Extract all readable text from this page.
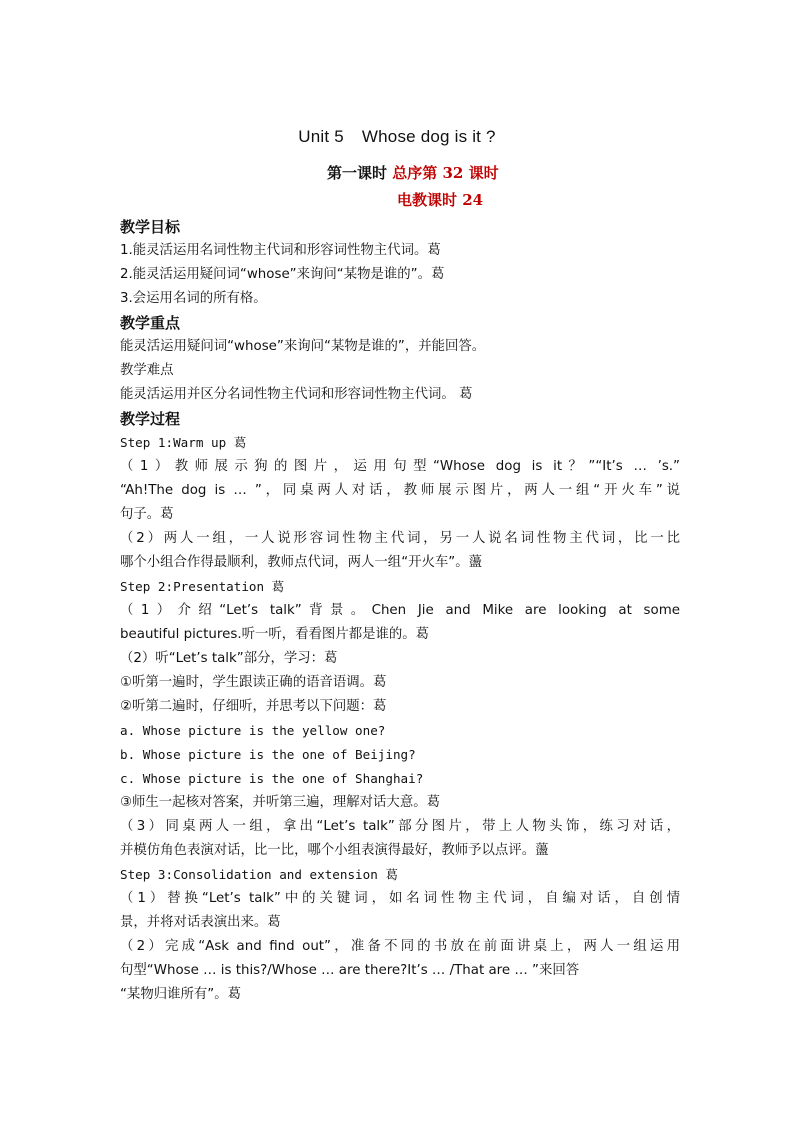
Unit 5 Whose dog is it ?
第一课时 总序第 32 课时
电教课时 24
教学目标
1.能灵活运用名词性物主代词和形容词性物主代词。葛
2.能灵活运用疑问词“whose”来询问“某物是谁的”。葛
3.会运用名词的所有格。
教学重点
能灵活运用疑问词“whose”来询问“某物是谁的”，并能回答。
教学难点
能灵活运用并区分名词性物主代词和形容词性物主代词。 葛
教学过程
Step 1:Warm up 葛
（1）教师展示狗的图片，运用句型“Whose dog is it？”“It’s … ’s.”
“Ah!The dog is … ”，同桌两人对话，教师展示图片，两人一组“开火车”说
句子。葛
（2）两人一组，一人说形容词性物主代词，另一人说名词性物主代词，比一比
哪个小组合作得最顺利，教师点代词，两人一组“开火车”。蘯
Step 2:Presentation 葛
（1）介绍“Let’s talk”背景。Chen Jie and Mike are looking at some
beautiful pictures.听一听，看看图片都是谁的。葛
（2）听“Let’s talk”部分，学习：葛
①听第一遍时，学生跟读正确的语音语调。葛
②听第二遍时，仔细听，并思考以下问题：葛
a. Whose picture is the yellow one?
b. Whose picture is the one of Beijing?
c. Whose picture is the one of Shanghai?
③师生一起核对答案，并听第三遍，理解对话大意。葛
（3）同桌两人一组，拿出“Let’s talk”部分图片，带上人物头饰，练习对话，
并模仿角色表演对话，比一比，哪个小组表演得最好，教师予以点评。蘯
Step 3:Consolidation and extension 葛
（1）替换“Let’s talk”中的关键词，如名词性物主代词，自编对话，自创情
景，并将对话表演出来。葛
（2）完成“Ask and find out”，准备不同的书放在前面讲桌上，两人一组运用
句型“Whose … is this?/Whose … are there?It’s … /That are … ”来回答
“某物归谁所有”。葛
